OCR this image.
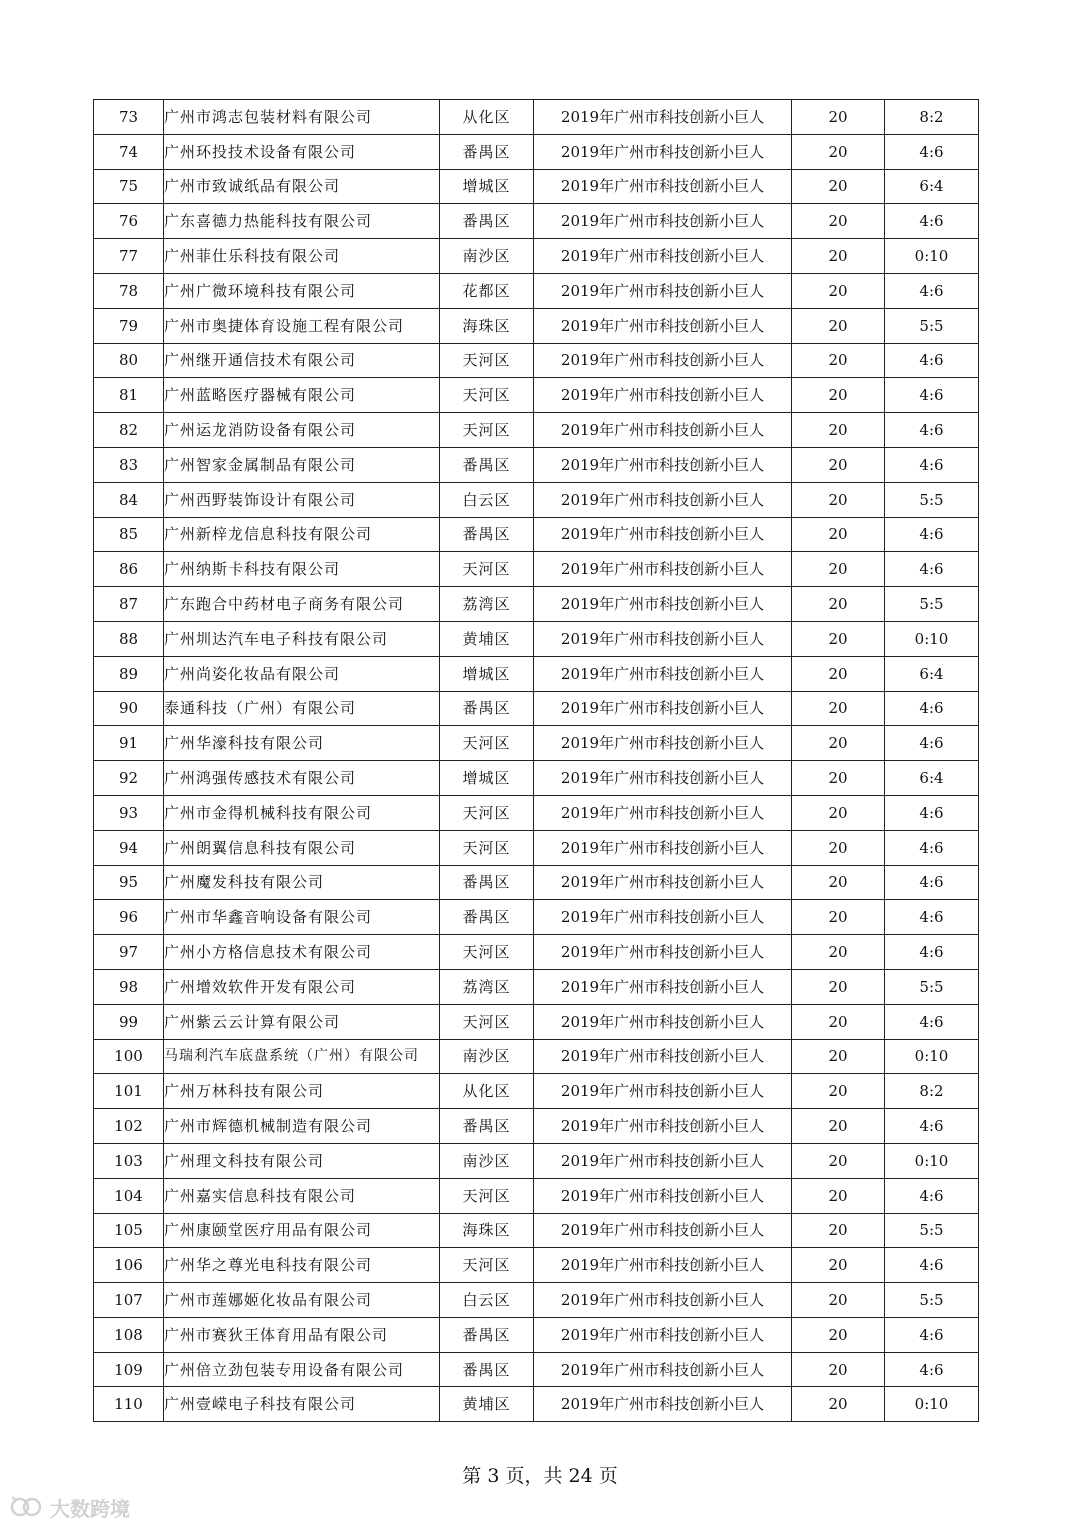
73	广州市鸿志包装材料有限公司	从化区	2019年广州市科技创新小巨人	20	8:2
74	广州环投技术设备有限公司	番禺区	2019年广州市科技创新小巨人	20	4:6
75	广州市致诚纸品有限公司	增城区	2019年广州市科技创新小巨人	20	6:4
76	广东喜德力热能科技有限公司	番禺区	2019年广州市科技创新小巨人	20	4:6
77	广州菲仕乐科技有限公司	南沙区	2019年广州市科技创新小巨人	20	0:10
78	广州广微环境科技有限公司	花都区	2019年广州市科技创新小巨人	20	4:6
79	广州市奥捷体育设施工程有限公司	海珠区	2019年广州市科技创新小巨人	20	5:5
80	广州继开通信技术有限公司	天河区	2019年广州市科技创新小巨人	20	4:6
81	广州蓝略医疗器械有限公司	天河区	2019年广州市科技创新小巨人	20	4:6
82	广州运龙消防设备有限公司	天河区	2019年广州市科技创新小巨人	20	4:6
83	广州智家金属制品有限公司	番禺区	2019年广州市科技创新小巨人	20	4:6
84	广州西野装饰设计有限公司	白云区	2019年广州市科技创新小巨人	20	5:5
85	广州新梓龙信息科技有限公司	番禺区	2019年广州市科技创新小巨人	20	4:6
86	广州纳斯卡科技有限公司	天河区	2019年广州市科技创新小巨人	20	4:6
87	广东跑合中药材电子商务有限公司	荔湾区	2019年广州市科技创新小巨人	20	5:5
88	广州圳达汽车电子科技有限公司	黄埔区	2019年广州市科技创新小巨人	20	0:10
89	广州尚姿化妆品有限公司	增城区	2019年广州市科技创新小巨人	20	6:4
90	泰通科技（广州）有限公司	番禺区	2019年广州市科技创新小巨人	20	4:6
91	广州华濠科技有限公司	天河区	2019年广州市科技创新小巨人	20	4:6
92	广州鸿强传感技术有限公司	增城区	2019年广州市科技创新小巨人	20	6:4
93	广州市金得机械科技有限公司	天河区	2019年广州市科技创新小巨人	20	4:6
94	广州朗翼信息科技有限公司	天河区	2019年广州市科技创新小巨人	20	4:6
95	广州魔发科技有限公司	番禺区	2019年广州市科技创新小巨人	20	4:6
96	广州市华鑫音响设备有限公司	番禺区	2019年广州市科技创新小巨人	20	4:6
97	广州小方格信息技术有限公司	天河区	2019年广州市科技创新小巨人	20	4:6
98	广州增效软件开发有限公司	荔湾区	2019年广州市科技创新小巨人	20	5:5
99	广州紫云云计算有限公司	天河区	2019年广州市科技创新小巨人	20	4:6
100	马瑞利汽车底盘系统（广州）有限公司	南沙区	2019年广州市科技创新小巨人	20	0:10
101	广州万林科技有限公司	从化区	2019年广州市科技创新小巨人	20	8:2
102	广州市辉德机械制造有限公司	番禺区	2019年广州市科技创新小巨人	20	4:6
103	广州理文科技有限公司	南沙区	2019年广州市科技创新小巨人	20	0:10
104	广州嘉实信息科技有限公司	天河区	2019年广州市科技创新小巨人	20	4:6
105	广州康颐堂医疗用品有限公司	海珠区	2019年广州市科技创新小巨人	20	5:5
106	广州华之尊光电科技有限公司	天河区	2019年广州市科技创新小巨人	20	4:6
107	广州市莲娜姬化妆品有限公司	白云区	2019年广州市科技创新小巨人	20	5:5
108	广州市赛狄王体育用品有限公司	番禺区	2019年广州市科技创新小巨人	20	4:6
109	广州倍立劲包装专用设备有限公司	番禺区	2019年广州市科技创新小巨人	20	4:6
110	广州壹嵘电子科技有限公司	黄埔区	2019年广州市科技创新小巨人	20	0:10
第 3 页，共 24 页
大数跨境
